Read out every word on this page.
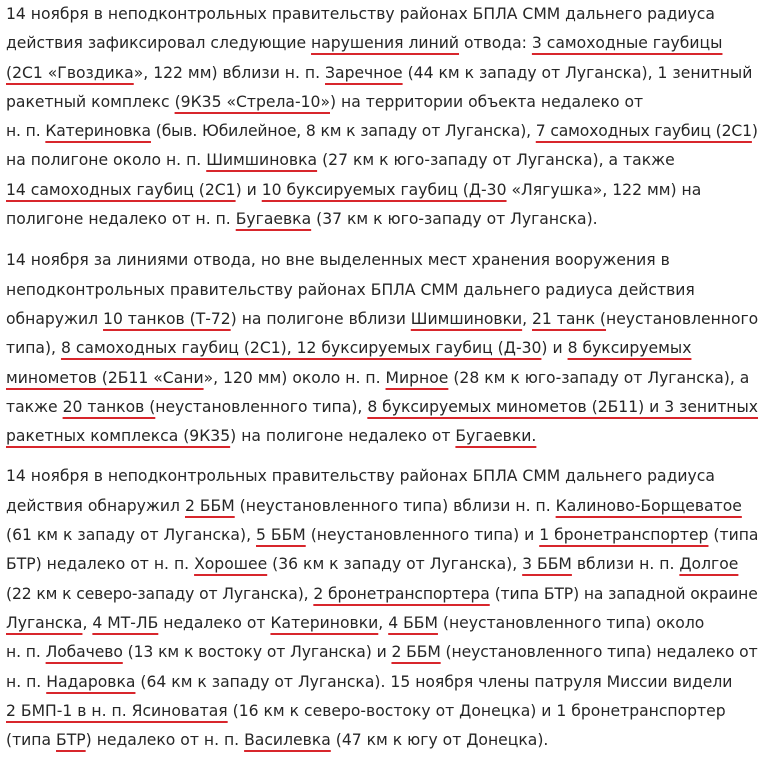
14 ноября в неподконтрольных правительству районах БПЛА СММ дальнего радиуса
действия зафиксировал следующие нарушения линий отвода: 3 самоходные гаубицы
(2С1 «Гвоздика», 122 мм) вблизи н. п. Заречное (44 км к западу от Луганска), 1 зенитный
ракетный комплекс (9К35 «Стрела-10») на территории объекта недалеко от
н. п. Катериновка (быв. Юбилейное, 8 км к западу от Луганска), 7 самоходных гаубиц (2С1)
на полигоне около н. п. Шимшиновка (27 км к юго-западу от Луганска), а также
14 самоходных гаубиц (2С1) и 10 буксируемых гаубиц (Д-30 «Лягушка», 122 мм) на
полигоне недалеко от н. п. Бугаевка (37 км к юго-западу от Луганска).

14 ноября за линиями отвода, но вне выделенных мест хранения вооружения в
неподконтрольных правительству районах БПЛА СММ дальнего радиуса действия
обнаружил 10 танков (Т-72) на полигоне вблизи Шимшиновки, 21 танк (неустановленного
типа), 8 самоходных гаубиц (2С1), 12 буксируемых гаубиц (Д-30) и 8 буксируемых
минометов (2Б11 «Сани», 120 мм) около н. п. Мирное (28 км к юго-западу от Луганска), а
также 20 танков (неустановленного типа), 8 буксируемых минометов (2Б11) и 3 зенитных
ракетных комплекса (9К35) на полигоне недалеко от Бугаевки.

14 ноября в неподконтрольных правительству районах БПЛА СММ дальнего радиуса
действия обнаружил 2 ББМ (неустановленного типа) вблизи н. п. Калиново-Борщеватое
(61 км к западу от Луганска), 5 ББМ (неустановленного типа) и 1 бронетранспортер (типа
БТР) недалеко от н. п. Хорошее (36 км к западу от Луганска), 3 ББМ вблизи н. п. Долгое
(22 км к северо-западу от Луганска), 2 бронетранспортера (типа БТР) на западной окраине
Луганска, 4 МТ-ЛБ недалеко от Катериновки, 4 ББМ (неустановленного типа) около
н. п. Лобачево (13 км к востоку от Луганска) и 2 ББМ (неустановленного типа) недалеко от
н. п. Надаровка (64 км к западу от Луганска). 15 ноября члены патруля Миссии видели
2 БМП-1 в н. п. Ясиноватая (16 км к северо-востоку от Донецка) и 1 бронетранспортер
(типа БТР) недалеко от н. п. Василевка (47 км к югу от Донецка).
